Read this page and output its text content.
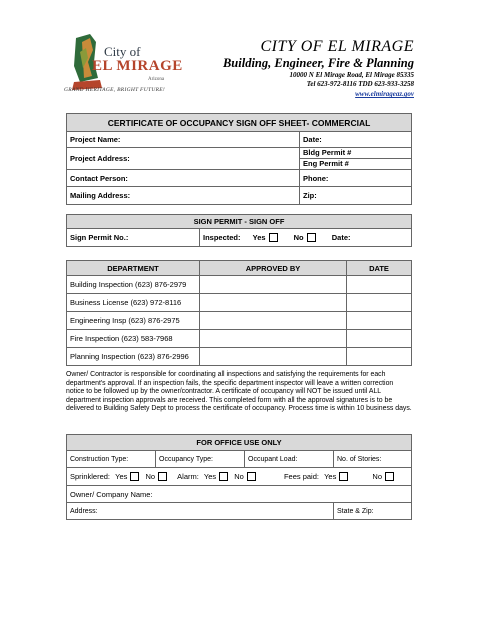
City of
EL MIRAGE
Arizona
GRAND HERITAGE, BRIGHT FUTURE!
CITY OF EL MIRAGE
Building, Engineer, Fire & Planning
10000 N El Mirage Road, El Mirage 85335
Tel 623-972-8116 TDD 623-933-3258
www.elmirageaz.gov
CERTIFICATE OF OCCUPANCY SIGN OFF SHEET- COMMERCIAL	
Project Name:	Date:
Project Address:	Bldg Permit #
Eng Permit #

Contact Person:	Phone:
Mailing Address:	Zip:
SIGN PERMIT - SIGN OFF
Sign Permit No.:	Inspected: Yes	No	Date:
DEPARTMENT	APPROVED BY	DATE
Building Inspection (623) 876-2979		
Business License (623) 972-8116		
Engineering Insp (623) 876-2975		
Fire Inspection (623) 583-7968		
Planning Inspection (623) 876-2996		
Owner/ Contractor is responsible for coordinating all inspections and satisfying the requirements for each department's approval. If an inspection fails, the specific department inspector will leave a written correction notice to be followed up by the owner/contractor. A certificate of occupancy will NOT be issued until ALL department inspection approvals are received. This completed form with all the approval signatures is to be delivered to Building Safety Dept to process the certificate of occupancy. Process time is within 10 business days.
FOR OFFICE USE ONLY			
Construction Type:	Occupancy Type:	Occupant Load:	No. of Stories:
Sprinklered: Yes No Alarm: Yes No Fees paid: Yes No			
Owner/ Company Name:			
Address:			State & Zip:
